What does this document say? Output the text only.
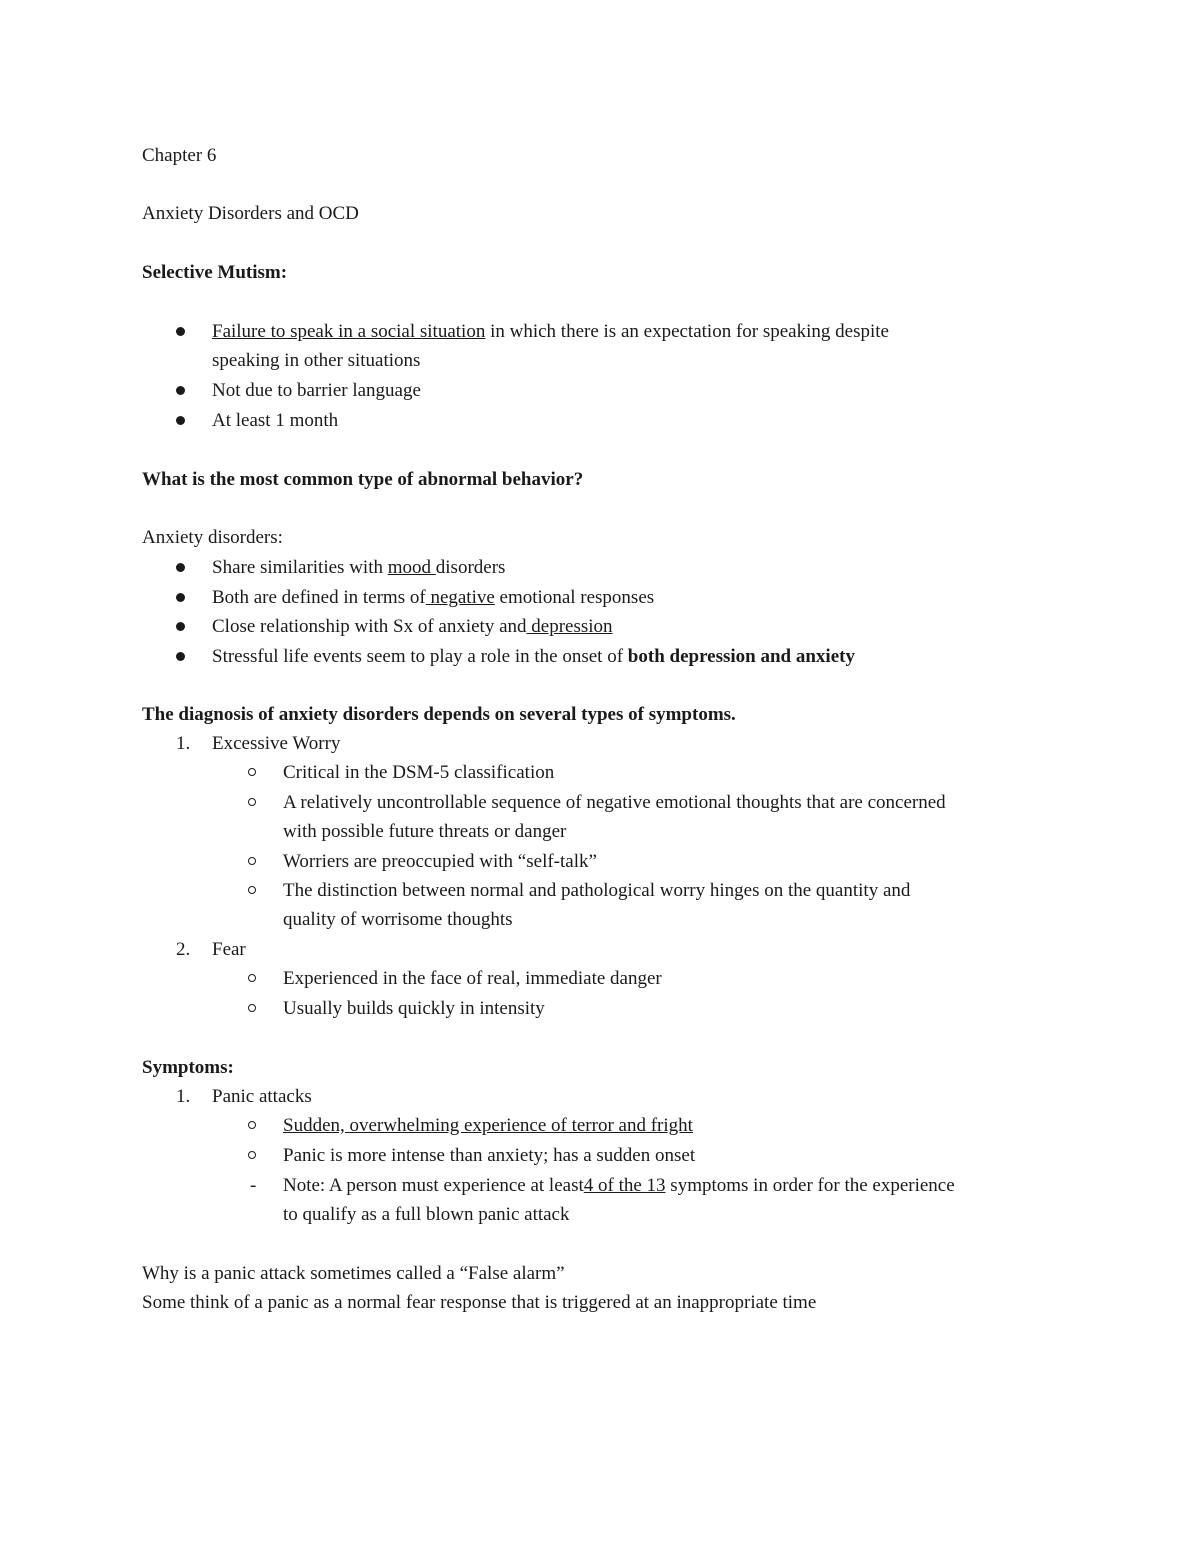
Chapter 6
Anxiety Disorders and OCD
Selective Mutism:
Failure to speak in a social situation in which there is an expectation for speaking despite
speaking in other situations
Not due to barrier language
At least 1 month
What is the most common type of abnormal behavior?
Anxiety disorders:
Share similarities with mood disorders
Both are defined in terms of negative emotional responses
Close relationship with Sx of anxiety and depression
Stressful life events seem to play a role in the onset of both depression and anxiety
The diagnosis of anxiety disorders depends on several types of symptoms.
1. Excessive Worry
Critical in the DSM-5 classification
A relatively uncontrollable sequence of negative emotional thoughts that are concerned
with possible future threats or danger
Worriers are preoccupied with “self-talk”
The distinction between normal and pathological worry hinges on the quantity and
quality of worrisome thoughts
2. Fear
Experienced in the face of real, immediate danger
Usually builds quickly in intensity
Symptoms:
1. Panic attacks
Sudden, overwhelming experience of terror and fright
Panic is more intense than anxiety; has a sudden onset
- Note: A person must experience at least4 of the 13 symptoms in order for the experience
to qualify as a full blown panic attack
Why is a panic attack sometimes called a “False alarm”
Some think of a panic as a normal fear response that is triggered at an inappropriate time
